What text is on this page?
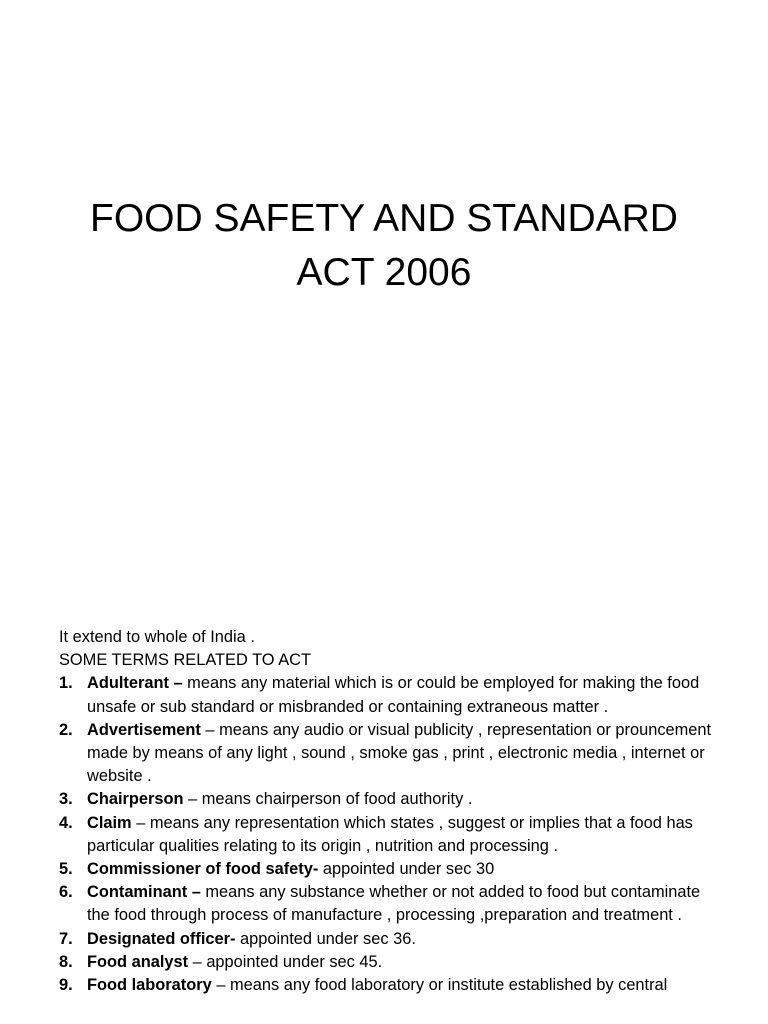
FOOD SAFETY AND STANDARD
ACT 2006
It extend to whole of India .
SOME TERMS RELATED TO ACT
1. Adulterant – means any material which is or could be employed for making the food unsafe or sub standard or misbranded or containing extraneous matter .
2. Advertisement – means any audio or visual publicity , representation or prouncement made by means of any light , sound , smoke gas , print , electronic media , internet or website .
3. Chairperson – means chairperson of food authority .
4. Claim – means any representation which states , suggest or implies that a food has particular qualities relating to its origin , nutrition and processing .
5. Commissioner of food safety- appointed under sec 30
6. Contaminant – means any substance whether or not added to food but contaminate the food through process of manufacture , processing ,preparation and treatment .
7. Designated officer- appointed under sec 36.
8. Food analyst – appointed under sec 45.
9. Food laboratory – means any food laboratory or institute established by central
